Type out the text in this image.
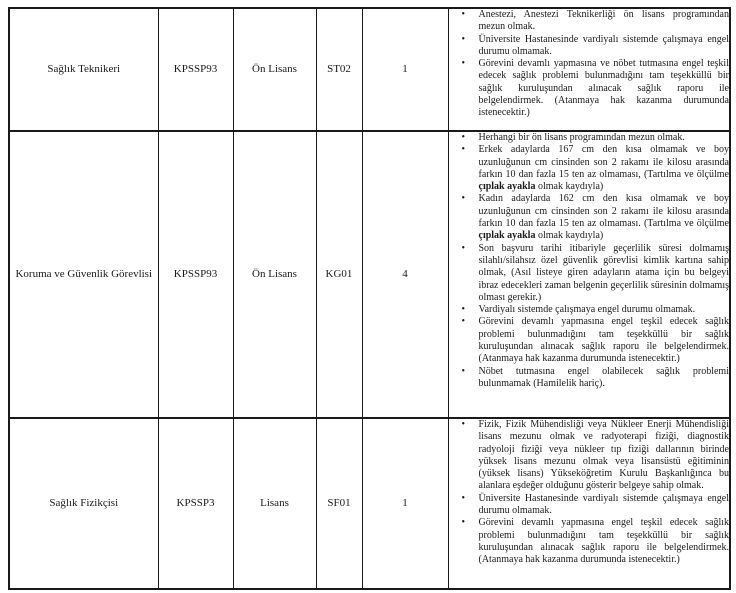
Sağlık Teknikeri	KPSSP93	Ön Lisans	ST02	1	
• Anestezi, Anestezi Teknikerliği ön lisans programından mezun olmak.
• Üniversite Hastanesinde vardiyalı sistemde çalışmaya engel durumu olmamak.
• Görevini devamlı yapmasına ve nöbet tutmasına engel teşkil edecek sağlık problemi bulunmadığını tam teşekküllü bir sağlık kuruluşundan alınacak sağlık raporu ile belgelendirmek. (Atanmaya hak kazanma durumunda istenecektir.)

Koruma ve Güvenlik Görevlisi	KPSSP93	Ön Lisans	KG01	4	
• Herhangi bir ön lisans programından mezun olmak.
• Erkek adaylarda 167 cm den kısa olmamak ve boy uzunluğunun cm cinsinden son 2 rakamı ile kilosu arasında farkın 10 dan fazla 15 ten az olmaması, (Tartılma ve ölçülme çıplak ayakla olmak kaydıyla)
• Kadın adaylarda 162 cm den kısa olmamak ve boy uzunluğunun cm cinsinden son 2 rakamı ile kilosu arasında farkın 10 dan fazla 15 ten az olmaması. (Tartılma ve ölçülme çıplak ayakla olmak kaydıyla)
• Son başvuru tarihi itibariyle geçerlilik süresi dolmamış silahlı/silahsız özel güvenlik görevlisi kimlik kartına sahip olmak, (Asıl listeye giren adayların atama için bu belgeyi ibraz edecekleri zaman belgenin geçerlilik süresinin dolmamış olması gerekir.)
• Vardiyalı sistemde çalışmaya engel durumu olmamak.
• Görevini devamlı yapmasına engel teşkil edecek sağlık problemi bulunmadığını tam teşekküllü bir sağlık kuruluşundan alınacak sağlık raporu ile belgelendirmek. (Atanmaya hak kazanma durumunda istenecektir.)
• Nöbet tutmasına engel olabilecek sağlık problemi bulunmamak (Hamilelik hariç).

Sağlık Fizikçisi	KPSSP3	Lisans	SF01	1	
• Fizik, Fizik Mühendisliği veya Nükleer Enerji Mühendisliği lisans mezunu olmak ve radyoterapi fiziği, diagnostik radyoloji fiziği veya nükleer tıp fiziği dallarının birinde yüksek lisans mezunu olmak veya lisansüstü eğitiminin (yüksek lisans) Yükseköğretim Kurulu Başkanlığınca bu alanlara eşdeğer olduğunu gösterir belgeye sahip olmak.
• Üniversite Hastanesinde vardiyalı sistemde çalışmaya engel durumu olmamak.
• Görevini devamlı yapmasına engel teşkil edecek sağlık problemi bulunmadığını tam teşekküllü bir sağlık kuruluşundan alınacak sağlık raporu ile belgelendirmek. (Atanmaya hak kazanma durumunda istenecektir.)
